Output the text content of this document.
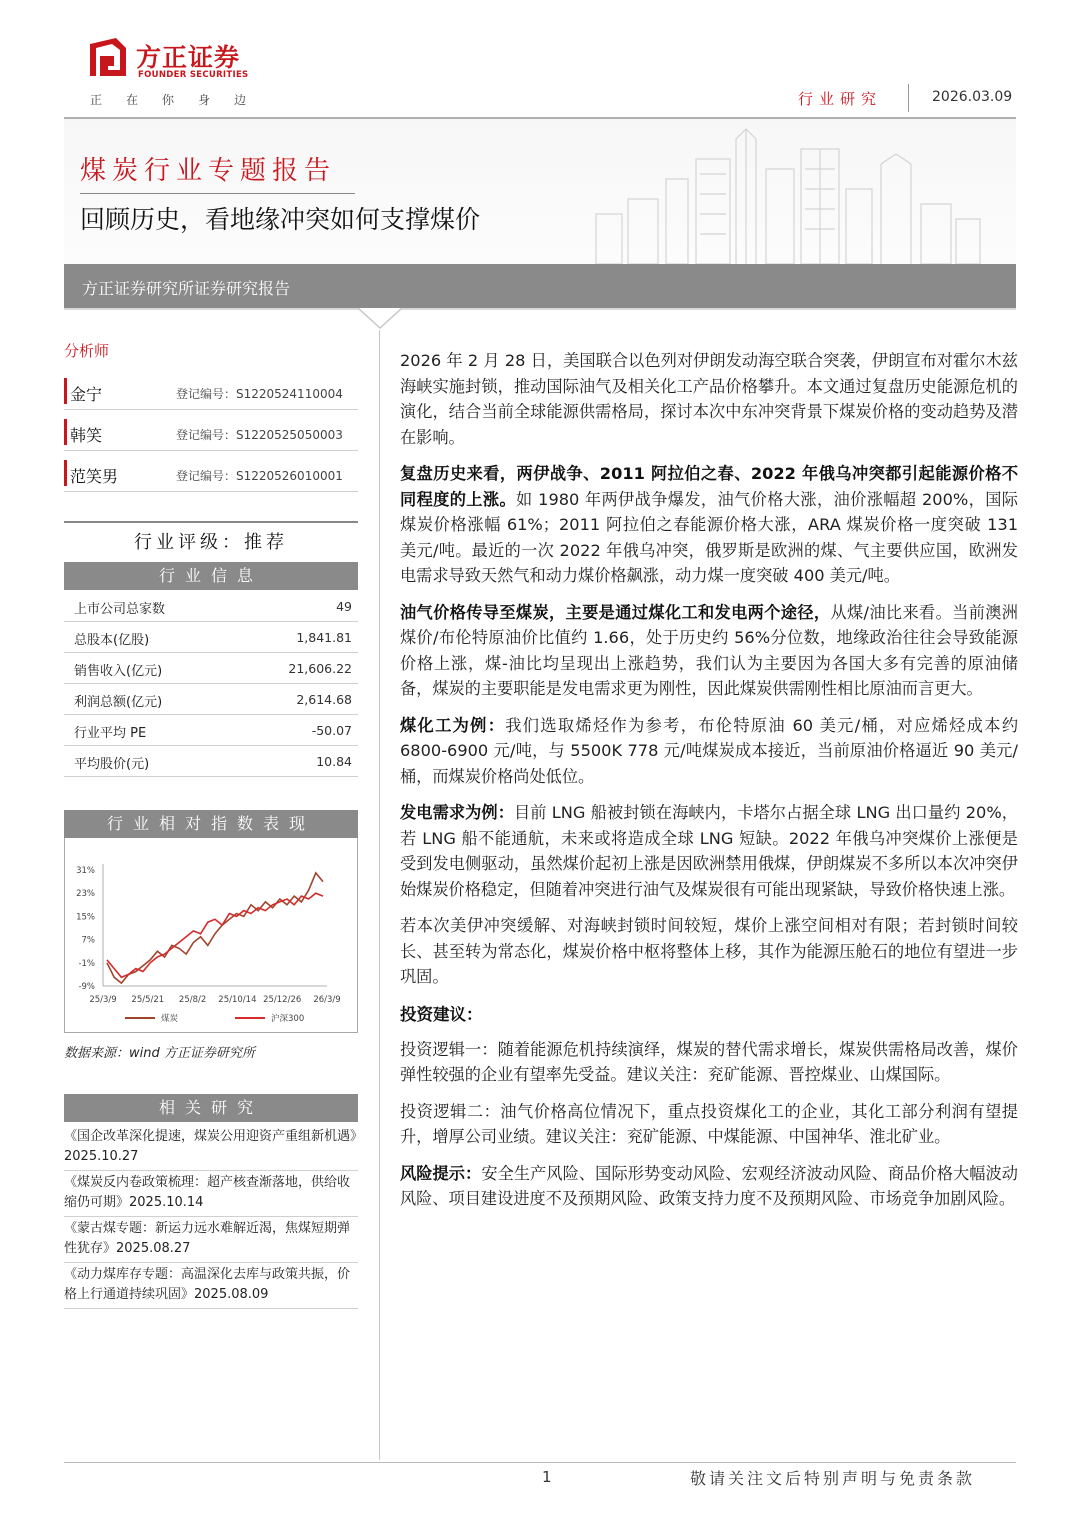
方正证券
FOUNDER SECURITIES
正在你身边	行业研究	2026.03.09
煤炭行业专题报告
回顾历史，看地缘冲突如何支撑煤价
方正证券研究所证券研究报告
分析师
金宁	登记编号：S1220524110004
韩笑	登记编号：S1220525050003
范笑男	登记编号：S1220526010001
行业评级：推荐
行业信息
上市公司总家数	49
总股本(亿股)	1,841.81
销售收入(亿元)	21,606.22
利润总额(亿元)	2,614.68
行业平均 PE	-50.07
平均股价(元)	10.84
行业相对指数表现
31%
23%
15%
7%
-1%
-9%
25/3/9 25/5/21 25/8/2 25/10/14 25/12/26 26/3/9
煤炭	沪深300
数据来源：wind 方正证券研究所
相关研究
《国企改革深化提速，煤炭公用迎资产重组新机遇》2025.10.27
《煤炭反内卷政策梳理：超产核查渐落地，供给收缩仍可期》2025.10.14
《蒙古煤专题：新运力远水难解近渴，焦煤短期弹性犹存》2025.08.27
《动力煤库存专题：高温深化去库与政策共振，价格上行通道持续巩固》2025.08.09

2026 年 2 月 28 日，美国联合以色列对伊朗发动海空联合突袭，伊朗宣布对霍尔木兹海峡实施封锁，推动国际油气及相关化工产品价格攀升。本文通过复盘历史能源危机的演化，结合当前全球能源供需格局，探讨本次中东冲突背景下煤炭价格的变动趋势及潜在影响。

复盘历史来看，两伊战争、2011 阿拉伯之春、2022 年俄乌冲突都引起能源价格不同程度的上涨。如 1980 年两伊战争爆发，油气价格大涨，油价涨幅超 200%，国际煤炭价格涨幅 61%；2011 阿拉伯之春能源价格大涨，ARA 煤炭价格一度突破 131 美元/吨。最近的一次 2022 年俄乌冲突，俄罗斯是欧洲的煤、气主要供应国，欧洲发电需求导致天然气和动力煤价格飙涨，动力煤一度突破 400 美元/吨。

油气价格传导至煤炭，主要是通过煤化工和发电两个途径，从煤/油比来看。当前澳洲煤价/布伦特原油价比值约 1.66，处于历史约 56%分位数，地缘政治往往会导致能源价格上涨，煤-油比均呈现出上涨趋势，我们认为主要因为各国大多有完善的原油储备，煤炭的主要职能是发电需求更为刚性，因此煤炭供需刚性相比原油而言更大。

煤化工为例：我们选取烯烃作为参考，布伦特原油 60 美元/桶，对应烯烃成本约 6800-6900 元/吨，与 5500K 778 元/吨煤炭成本接近，当前原油价格逼近 90 美元/桶，而煤炭价格尚处低位。

发电需求为例：目前 LNG 船被封锁在海峡内，卡塔尔占据全球 LNG 出口量约 20%，若 LNG 船不能通航，未来或将造成全球 LNG 短缺。2022 年俄乌冲突煤价上涨便是受到发电侧驱动，虽然煤价起初上涨是因欧洲禁用俄煤，伊朗煤炭不多所以本次冲突伊始煤炭价格稳定，但随着冲突进行油气及煤炭很有可能出现紧缺，导致价格快速上涨。

若本次美伊冲突缓解、对海峡封锁时间较短，煤价上涨空间相对有限；若封锁时间较长、甚至转为常态化，煤炭价格中枢将整体上移，其作为能源压舱石的地位有望进一步巩固。

投资建议：

投资逻辑一：随着能源危机持续演绎，煤炭的替代需求增长，煤炭供需格局改善，煤价弹性较强的企业有望率先受益。建议关注：兖矿能源、晋控煤业、山煤国际。

投资逻辑二：油气价格高位情况下，重点投资煤化工的企业，其化工部分利润有望提升，增厚公司业绩。建议关注：兖矿能源、中煤能源、中国神华、淮北矿业。

风险提示：安全生产风险、国际形势变动风险、宏观经济波动风险、商品价格大幅波动风险、项目建设进度不及预期风险、政策支持力度不及预期风险、市场竞争加剧风险。

1	敬请关注文后特别声明与免责条款
